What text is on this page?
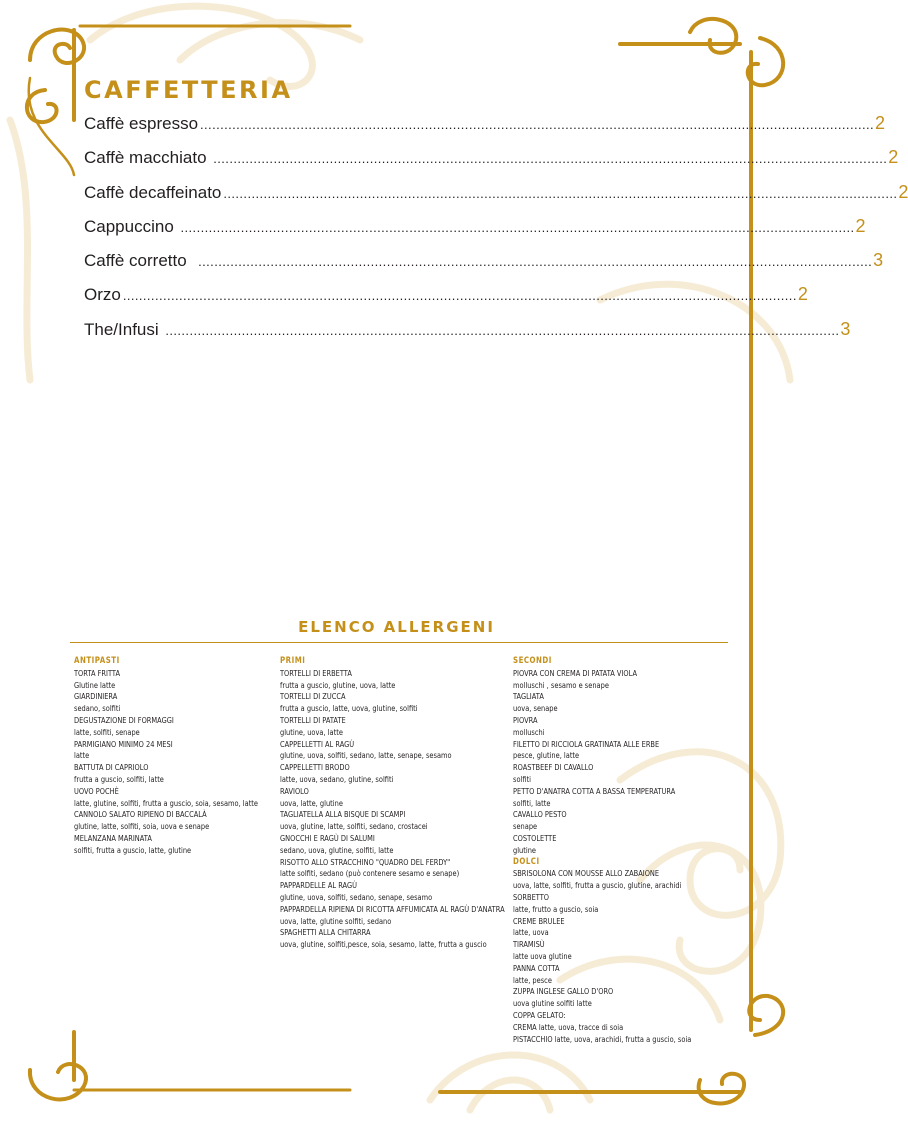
CAFFETTERIA
Caffè espresso ........................................................................................................................................................................ 2
Caffè macchiato ........................................................................................................................................................................ 2
Caffè decaffeinato ........................................................................................................................................................................ 2
Cappuccino ........................................................................................................................................................................ 2
Caffè corretto ........................................................................................................................................................................ 3
Orzo ........................................................................................................................................................................ 2
The/Infusi ........................................................................................................................................................................ 3
ELENCO ALLERGENI
ANTIPASTI
TORTA FRITTA
Glutine latte
GIARDINIERA
sedano, solfiti
DEGUSTAZIONE DI FORMAGGI
latte, solfiti, senape
PARMIGIANO MINIMO 24 MESI
latte
BATTUTA DI CAPRIOLO
frutta a guscio, solfiti, latte
UOVO POCHÈ
latte, glutine, solfiti, frutta a guscio, soia, sesamo, latte
CANNOLO SALATO RIPIENO DI BACCALÀ
glutine, latte, solfiti, soia, uova e senape
MELANZANA MARINATA
solfiti, frutta a guscio, latte, glutine
PRIMI
TORTELLI DI ERBETTA
frutta a guscio, glutine, uova, latte
TORTELLI DI ZUCCA
frutta a guscio, latte, uova, glutine, solfiti
TORTELLI DI PATATE
glutine, uova, latte
CAPPELLETTI AL RAGÙ
glutine, uova, solfiti, sedano, latte, senape, sesamo
CAPPELLETTI BRODO
latte, uova, sedano, glutine, solfiti
RAVIOLO
uova, latte, glutine
TAGLIATELLA ALLA BISQUE DI SCAMPI
uova, glutine, latte, solfiti, sedano, crostacei
GNOCCHI E RAGÙ DI SALUMI
sedano, uova, glutine, solfiti, latte
RISOTTO ALLO STRACCHINO "QUADRO DEL FERDY"
latte solfiti, sedano (può contenere sesamo e senape)
PAPPARDELLE AL RAGÙ
glutine, uova, solfiti, sedano, senape, sesamo
PAPPARDELLA RIPIENA DI RICOTTA AFFUMICATA AL RAGÙ D'ANATRA
uova, latte, glutine solfiti, sedano
SPAGHETTI ALLA CHITARRA
uova, glutine, solfiti,pesce, soia, sesamo, latte, frutta a guscio
SECONDI
PIOVRA CON CREMA DI PATATA VIOLA
molluschi , sesamo e senape
TAGLIATA
uova, senape
PIOVRA
molluschi
FILETTO DI RICCIOLA GRATINATA ALLE ERBE
pesce, glutine, latte
ROASTBEEF DI CAVALLO
solfiti
PETTO D'ANATRA COTTA A BASSA TEMPERATURA
solfiti, latte
CAVALLO PESTO
senape
COSTOLETTE
glutine
DOLCI
SBRISOLONA CON MOUSSE ALLO ZABAIONE
uova, latte, solfiti, frutta a guscio, glutine, arachidi
SORBETTO
latte, frutto a guscio, soia
CREME BRULEE
latte, uova
TIRAMISÙ
latte uova glutine
PANNA COTTA
latte, pesce
ZUPPA INGLESE GALLO D'ORO
uova glutine solfiti latte
COPPA GELATO:
CREMA latte, uova, tracce di soia
PISTACCHIO latte, uova, arachidi, frutta a guscio, soia
